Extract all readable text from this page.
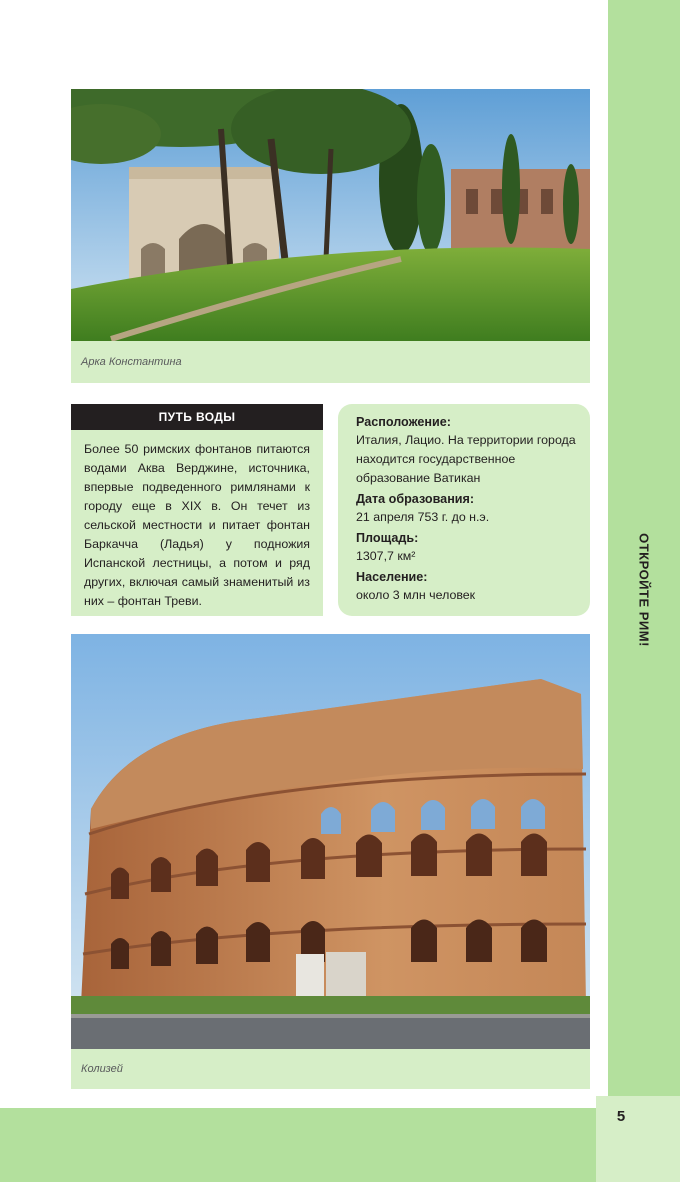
ОТКРОЙТЕ РИМ!
Арка Константина
ПУТЬ ВОДЫ
Более 50 римских фонтанов питаются водами Аква Верджине, источника, впервые подведенного римлянами к городу еще в XIX в. Он течет из сельской местности и питает фонтан Баркачча (Ладья) у подножия Испанской лестницы, а потом и ряд других, включая самый знаменитый из них – фонтан Треви.
Расположение:
Италия, Лацио. На территории города находится государственное образование Ватикан
Дата образования:
21 апреля 753 г. до н.э.
Площадь:
1307,7 км²
Население:
около 3 млн человек
Колизей
5
